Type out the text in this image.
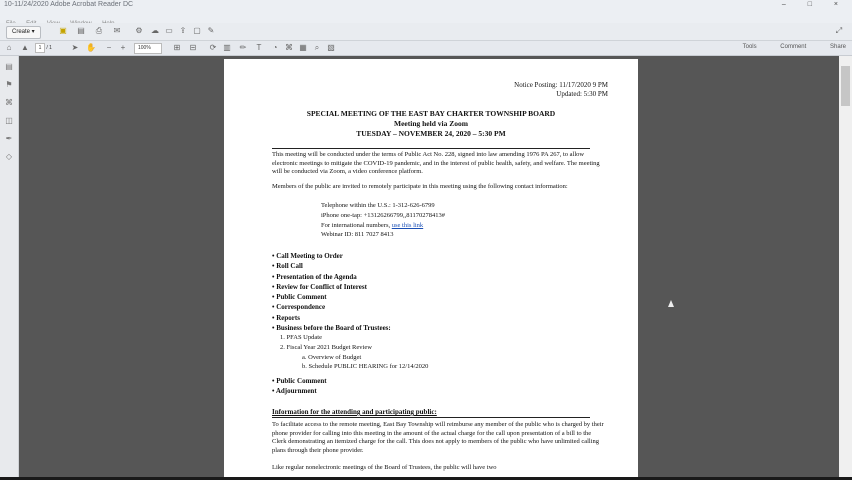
10-11/24/2020 Adobe Acrobat Reader DC	– □ ×
Create ▾	▣ ▤ ⎙ ✉ ⚙ ☁ ▭ ⇪ ▢ ✎	⤢
⌂	▲	1 / 1	➤ ✋	−	+	100%	⊞ ⊟ ⟳ ▥ ✏	T	◔ ⌘ ▦ ⌕ ▧	Tools	Comment	Share
▤
⚑
⌘
◫
✒
◇
Notice Posting: 11/17/2020 9 PM
Updated: 5:30 PM
SPECIAL MEETING OF THE EAST BAY CHARTER TOWNSHIP BOARD
Meeting held via Zoom
TUESDAY – NOVEMBER 24, 2020 – 5:30 PM
This meeting will be conducted under the terms of Public Act No. 228, signed into law amending 1976 PA 267, to allow electronic meetings to mitigate the COVID-19 pandemic, and in the interest of public health, safety, and welfare. The meeting will be conducted via Zoom, a video conference platform.
Members of the public are invited to remotely participate in this meeting using the following contact information:
Telephone within the U.S.: 1-312-626-6799
iPhone one-tap: +13126266799,,81170278413#
For international numbers, use this link
Webinar ID: 811 7027 8413
• Call Meeting to Order
• Roll Call
• Presentation of the Agenda
• Review for Conflict of Interest
• Public Comment
• Correspondence
• Reports
• Business before the Board of Trustees:
1. PFAS Update
2. Fiscal Year 2021 Budget Review
a. Overview of Budget
b. Schedule PUBLIC HEARING for 12/14/2020
• Public Comment
• Adjournment
Information for the attending and participating public:
To facilitate access to the remote meeting, East Bay Township will reimburse any member of the public who is charged by their phone provider for calling into this meeting in the amount of the actual charge for the call upon presentation of a bill to the Clerk demonstrating an itemized charge for the call. This does not apply to members of the public who have unlimited calling plans through their phone provider.
Like regular nonelectronic meetings of the Board of Trustees, the public will have two
